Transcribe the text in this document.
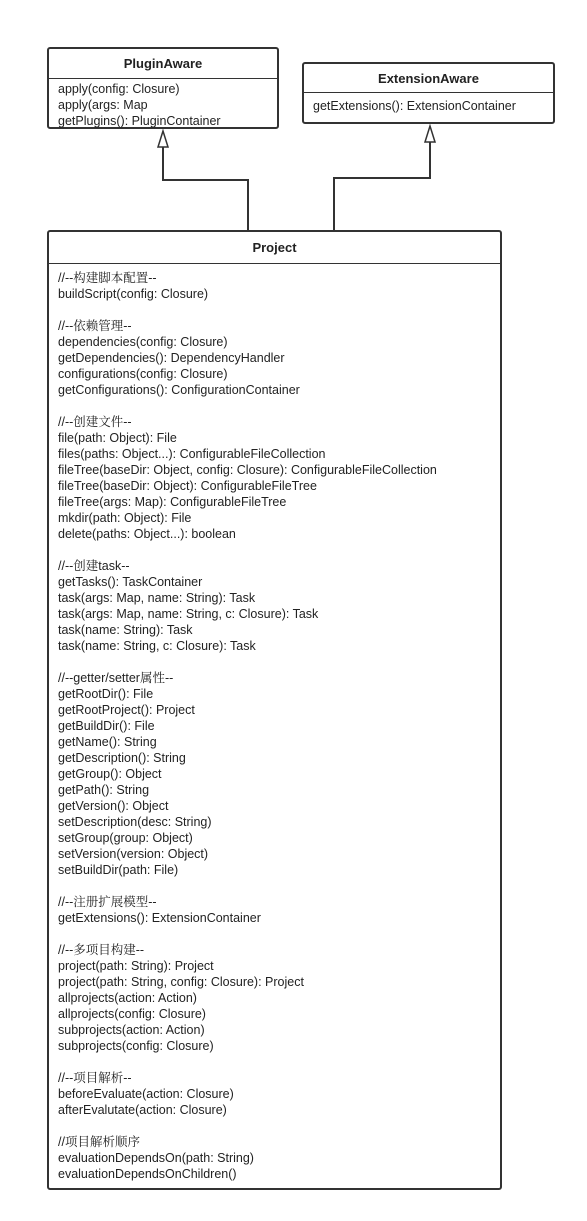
PluginAware
apply(config: Closure)
apply(args: Map
getPlugins(): PluginContainer
ExtensionAware
getExtensions(): ExtensionContainer
Project
//--构建脚本配置--
buildScript(config: Closure)
//--依赖管理--
dependencies(config: Closure)
getDependencies(): DependencyHandler
configurations(config: Closure)
getConfigurations(): ConfigurationContainer
//--创建文件--
file(path: Object): File
files(paths: Object...): ConfigurableFileCollection
fileTree(baseDir: Object, config: Closure): ConfigurableFileCollection
fileTree(baseDir: Object): ConfigurableFileTree
fileTree(args: Map): ConfigurableFileTree
mkdir(path: Object): File
delete(paths: Object...): boolean
//--创建task--
getTasks(): TaskContainer
task(args: Map, name: String): Task
task(args: Map, name: String, c: Closure): Task
task(name: String): Task
task(name: String, c: Closure): Task
//--getter/setter属性--
getRootDir(): File
getRootProject(): Project
getBuildDir(): File
getName(): String
getDescription(): String
getGroup(): Object
getPath(): String
getVersion(): Object
setDescription(desc: String)
setGroup(group: Object)
setVersion(version: Object)
setBuildDir(path: File)
//--注册扩展模型--
getExtensions(): ExtensionContainer
//--多项目构建--
project(path: String): Project
project(path: String, config: Closure): Project
allprojects(action: Action)
allprojects(config: Closure)
subprojects(action: Action)
subprojects(config: Closure)
//--项目解析--
beforeEvaluate(action: Closure)
afterEvalutate(action: Closure)
//项目解析顺序
evaluationDependsOn(path: String)
evaluationDependsOnChildren()
